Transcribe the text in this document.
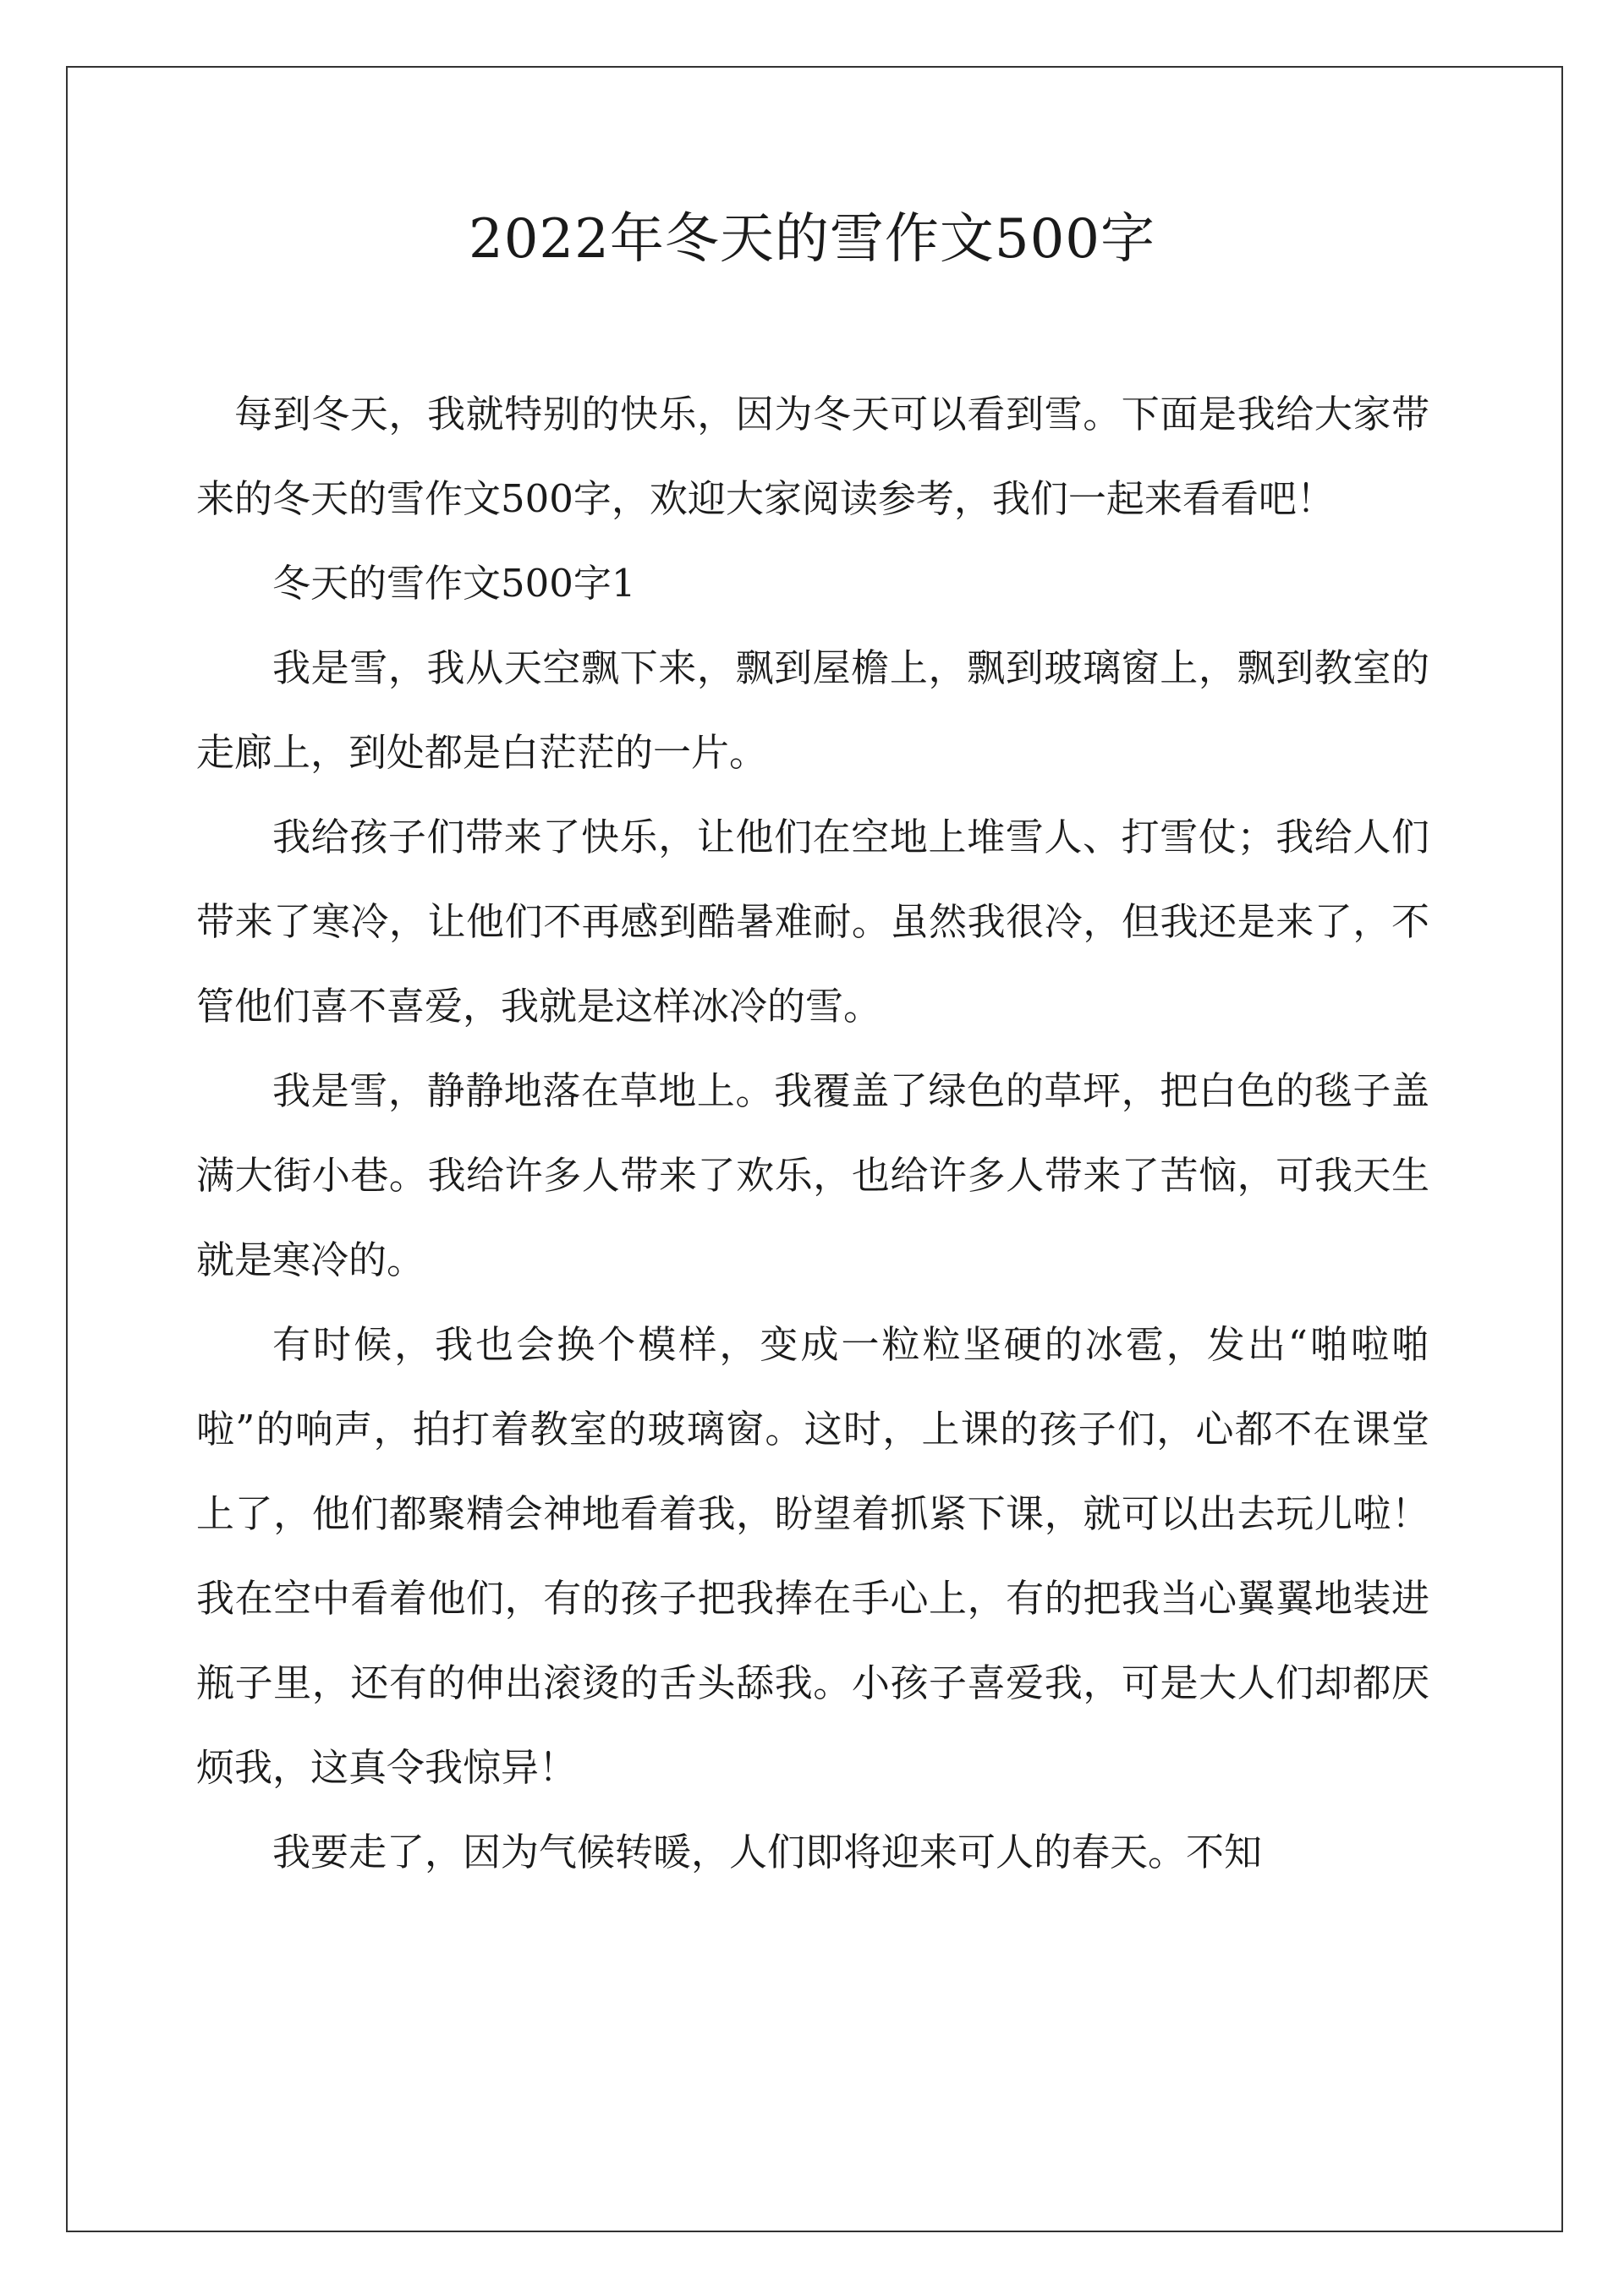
2022年冬天的雪作文500字

每到冬天，我就特别的快乐，因为冬天可以看到雪。下面是我给大家带来的冬天的雪作文500字，欢迎大家阅读参考，我们一起来看看吧！

冬天的雪作文500字1

我是雪，我从天空飘下来，飘到屋檐上，飘到玻璃窗上，飘到教室的走廊上，到处都是白茫茫的一片。

我给孩子们带来了快乐，让他们在空地上堆雪人、打雪仗；我给人们带来了寒冷，让他们不再感到酷暑难耐。虽然我很冷，但我还是来了，不管他们喜不喜爱，我就是这样冰冷的雪。

我是雪，静静地落在草地上。我覆盖了绿色的草坪，把白色的毯子盖满大街小巷。我给许多人带来了欢乐，也给许多人带来了苦恼，可我天生就是寒冷的。

有时候，我也会换个模样，变成一粒粒坚硬的冰雹，发出“啪啦啪啦”的响声，拍打着教室的玻璃窗。这时，上课的孩子们，心都不在课堂上了，他们都聚精会神地看着我，盼望着抓紧下课，就可以出去玩儿啦！我在空中看着他们，有的孩子把我捧在手心上，有的把我当心翼翼地装进瓶子里，还有的伸出滚烫的舌头舔我。小孩子喜爱我，可是大人们却都厌烦我，这真令我惊异！

我要走了，因为气候转暖，人们即将迎来可人的春天。不知
